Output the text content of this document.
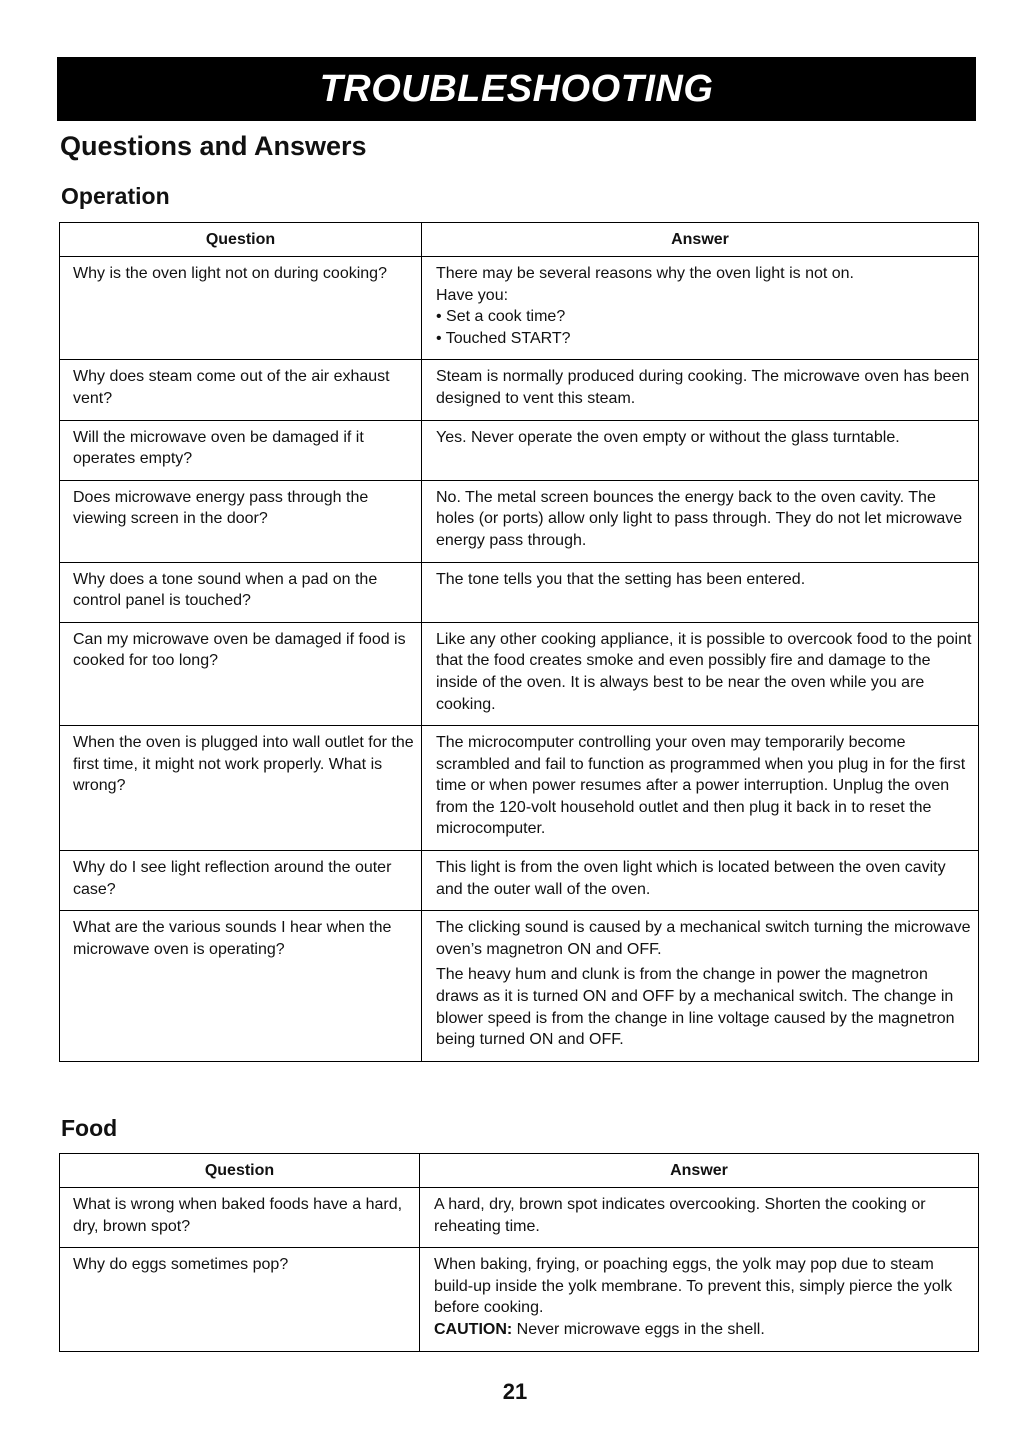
TROUBLESHOOTING
Questions and Answers
Operation
Question	Answer
Why is the oven light not on during cooking?	There may be several reasons why the oven light is not on.
Have you:
• Set a cook time?
• Touched START?

Why does steam come out of the air exhaust vent?	Steam is normally produced during cooking. The microwave oven has been designed to vent this steam.

Will the microwave oven be damaged if it operates empty?	Yes. Never operate the oven empty or without the glass turntable.

Does microwave energy pass through the viewing screen in the door?	No. The metal screen bounces the energy back to the oven cavity. The holes (or ports) allow only light to pass through. They do not let microwave energy pass through.

Why does a tone sound when a pad on the control panel is touched?	The tone tells you that the setting has been entered.

Can my microwave oven be damaged if food is cooked for too long?	Like any other cooking appliance, it is possible to overcook food to the point that the food creates smoke and even possibly fire and damage to the inside of the oven. It is always best to be near the oven while you are cooking.

When the oven is plugged into wall outlet for the first time, it might not work properly. What is wrong?	The microcomputer controlling your oven may temporarily become scrambled and fail to function as programmed when you plug in for the first time or when power resumes after a power interruption. Unplug the oven from the 120-volt household outlet and then plug it back in to reset the microcomputer.

Why do I see light reflection around the outer case?	This light is from the oven light which is located between the oven cavity and the outer wall of the oven.

What are the various sounds I hear when the microwave oven is operating?	The clicking sound is caused by a mechanical switch turning the microwave oven’s magnetron ON and OFF.
The heavy hum and clunk is from the change in power the magnetron draws as it is turned ON and OFF by a mechanical switch. The change in blower speed is from the change in line voltage caused by the magnetron being turned ON and OFF.
Food
Question	Answer
What is wrong when baked foods have a hard, dry, brown spot?	A hard, dry, brown spot indicates overcooking. Shorten the cooking or reheating time.

Why do eggs sometimes pop?	When baking, frying, or poaching eggs, the yolk may pop due to steam build-up inside the yolk membrane. To prevent this, simply pierce the yolk before cooking.
CAUTION: Never microwave eggs in the shell.
21
